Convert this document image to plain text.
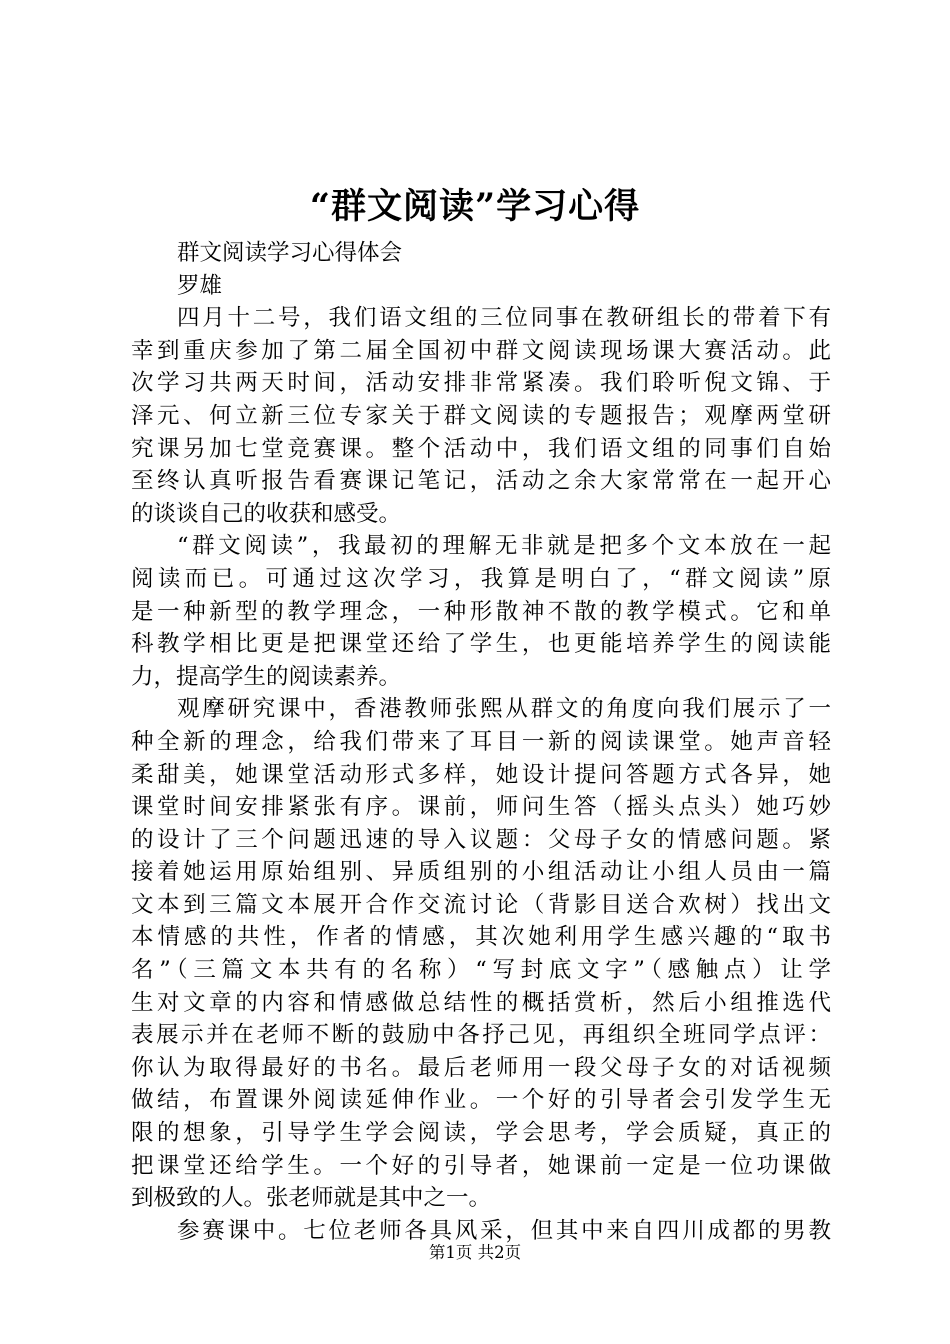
“群文阅读”学习心得
群文阅读学习心得体会
罗雄
四月十二号，我们语文组的三位同事在教研组长的带着下有
幸到重庆参加了第二届全国初中群文阅读现场课大赛活动。此
次学习共两天时间，活动安排非常紧凑。我们聆听倪文锦、于
泽元、何立新三位专家关于群文阅读的专题报告；观摩两堂研
究课另加七堂竞赛课。整个活动中，我们语文组的同事们自始
至终认真听报告看赛课记笔记，活动之余大家常常在一起开心
的谈谈自己的收获和感受。
“群文阅读”，我最初的理解无非就是把多个文本放在一起
阅读而已。可通过这次学习，我算是明白了，“群文阅读”原
是一种新型的教学理念，一种形散神不散的教学模式。它和单
科教学相比更是把课堂还给了学生，也更能培养学生的阅读能
力，提高学生的阅读素养。
观摩研究课中，香港教师张熙从群文的角度向我们展示了一
种全新的理念，给我们带来了耳目一新的阅读课堂。她声音轻
柔甜美，她课堂活动形式多样，她设计提问答题方式各异，她
课堂时间安排紧张有序。课前，师问生答（摇头点头）她巧妙
的设计了三个问题迅速的导入议题：父母子女的情感问题。紧
接着她运用原始组别、异质组别的小组活动让小组人员由一篇
文本到三篇文本展开合作交流讨论（背影目送合欢树）找出文
本情感的共性，作者的情感，其次她利用学生感兴趣的“取书
名”（三篇文本共有的名称）“写封底文字”（感触点）让学
生对文章的内容和情感做总结性的概括赏析，然后小组推选代
表展示并在老师不断的鼓励中各抒己见，再组织全班同学点评：
你认为取得最好的书名。最后老师用一段父母子女的对话视频
做结，布置课外阅读延伸作业。一个好的引导者会引发学生无
限的想象，引导学生学会阅读，学会思考，学会质疑，真正的
把课堂还给学生。一个好的引导者，她课前一定是一位功课做
到极致的人。张老师就是其中之一。
参赛课中。七位老师各具风采，但其中来自四川成都的男教
第1页 共2页
